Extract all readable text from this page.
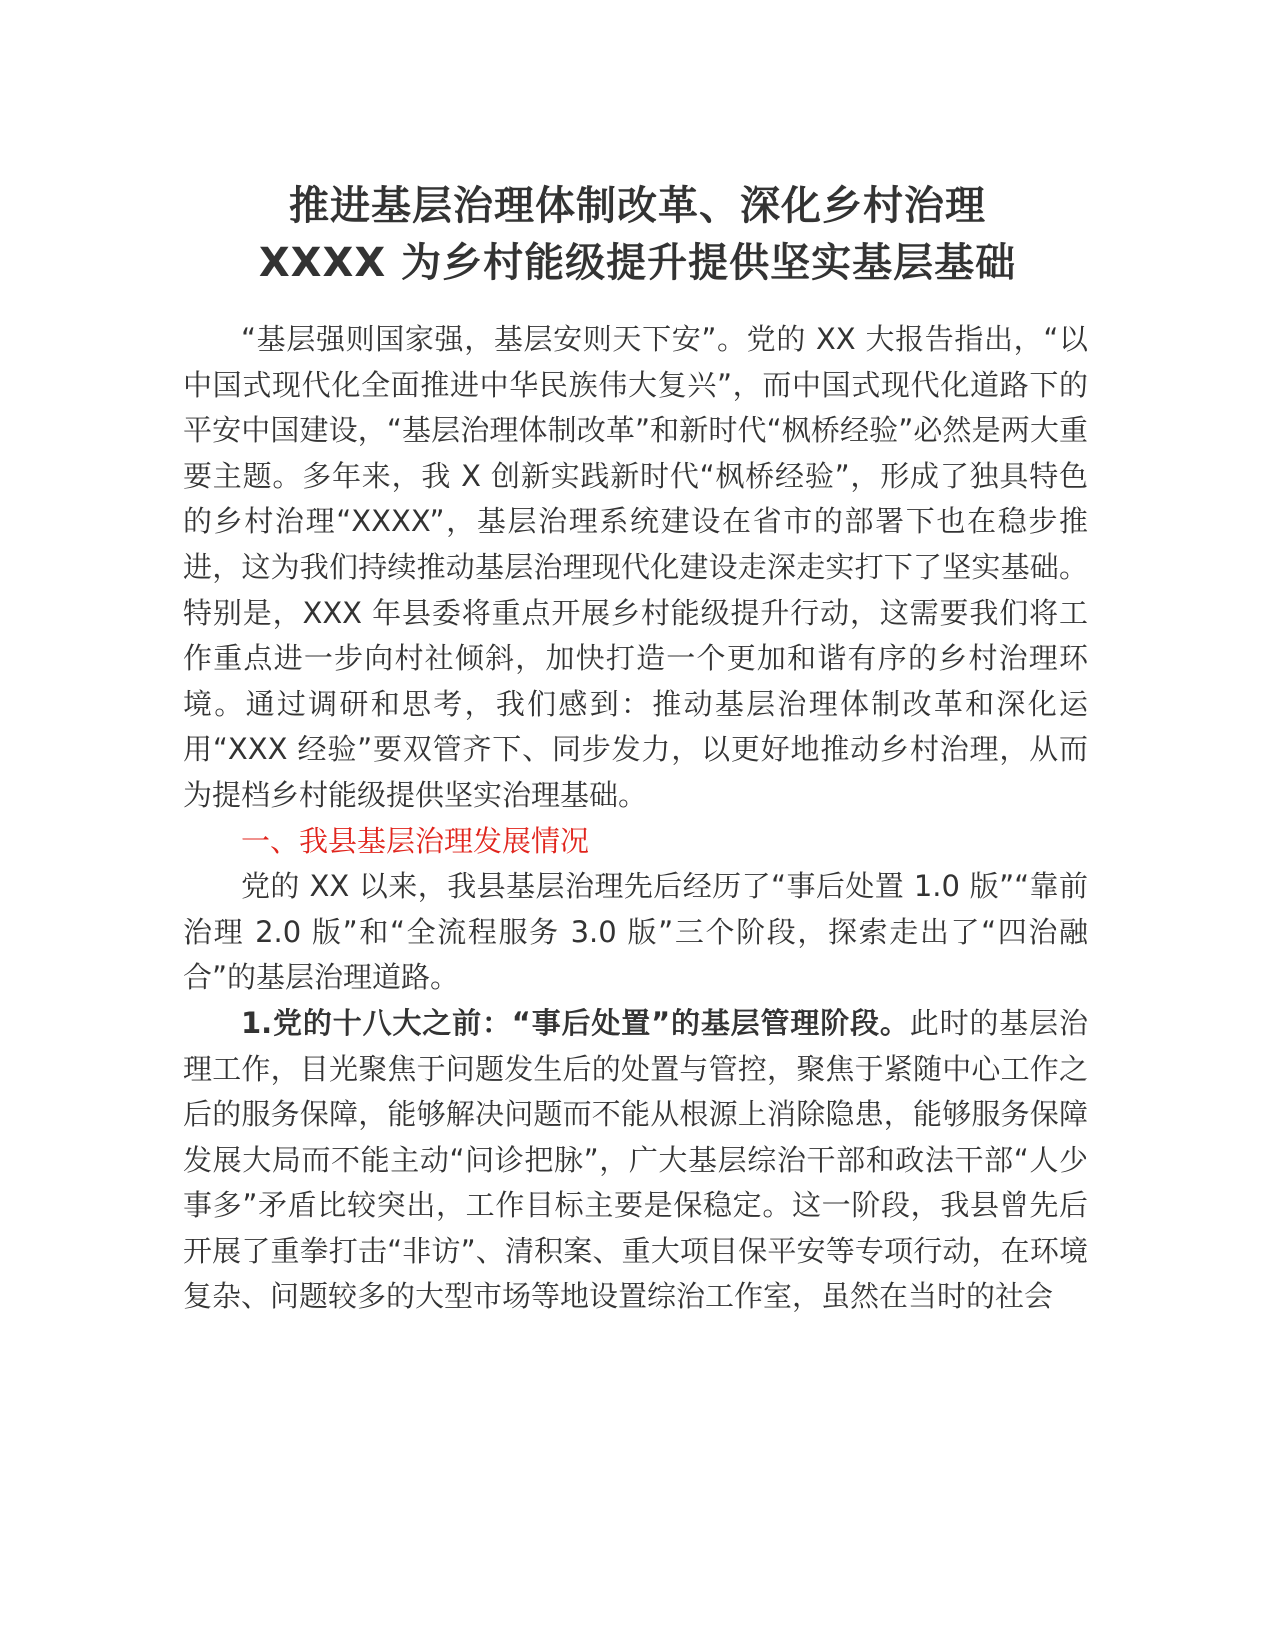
推进基层治理体制改革、深化乡村治理
XXXX 为乡村能级提升提供坚实基层基础

“基层强则国家强，基层安则天下安”。党的 XX 大报告指出，“以中国式现代化全面推进中华民族伟大复兴”，而中国式现代化道路下的平安中国建设，“基层治理体制改革”和新时代“枫桥经验”必然是两大重要主题。多年来，我 X 创新实践新时代“枫桥经验”，形成了独具特色的乡村治理“XXXX”，基层治理系统建设在省市的部署下也在稳步推进，这为我们持续推动基层治理现代化建设走深走实打下了坚实基础。特别是，XXX 年县委将重点开展乡村能级提升行动，这需要我们将工作重点进一步向村社倾斜，加快打造一个更加和谐有序的乡村治理环境。通过调研和思考，我们感到：推动基层治理体制改革和深化运用“XXX 经验”要双管齐下、同步发力，以更好地推动乡村治理，从而为提档乡村能级提供坚实治理基础。

一、我县基层治理发展情况

党的 XX 以来，我县基层治理先后经历了“事后处置 1.0 版”“靠前治理 2.0 版”和“全流程服务 3.0 版”三个阶段，探索走出了“四治融合”的基层治理道路。

1.党的十八大之前：“事后处置”的基层管理阶段。此时的基层治理工作，目光聚焦于问题发生后的处置与管控，聚焦于紧随中心工作之后的服务保障，能够解决问题而不能从根源上消除隐患，能够服务保障发展大局而不能主动“问诊把脉”，广大基层综治干部和政法干部“人少事多”矛盾比较突出，工作目标主要是保稳定。这一阶段，我县曾先后开展了重拳打击“非访”、清积案、重大项目保平安等专项行动，在环境复杂、问题较多的大型市场等地设置综治工作室，虽然在当时的社会
